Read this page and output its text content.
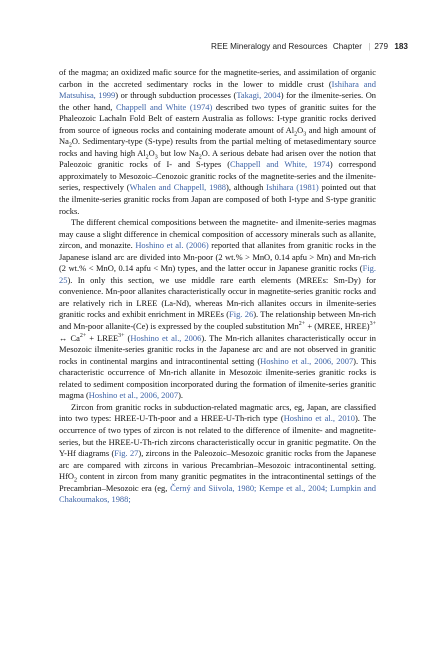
REE Mineralogy and Resources Chapter | 279 183

of the magma; an oxidized mafic source for the magnetite-series, and assimilation of organic carbon in the accreted sedimentary rocks in the lower to middle crust (Ishihara and Matsuhisa, 1999) or through subduction processes (Takagi, 2004) for the ilmenite-series. On the other hand, Chappell and White (1974) described two types of granitic suites for the Phaleozoic Lachaln Fold Belt of eastern Australia as follows: I-type granitic rocks derived from source of igneous rocks and containing moderate amount of $Al_2O_3$ and high amount of $Na_2O$. Sedimentary-type (S-type) results from the partial melting of metasedimentary source rocks and having high $Al_2O_3$ but low $Na_2O$. A serious debate had arisen over the notion that Paleozoic granitic rocks of I- and S-types (Chappell and White, 1974) correspond approximately to Mesozoic–Cenozoic granitic rocks of the magnetite-series and the ilmenite-series, respectively (Whalen and Chappell, 1988), although Ishihara (1981) pointed out that the ilmenite-series granitic rocks from Japan are composed of both I-type and S-type granitic rocks.

The different chemical compositions between the magnetite- and ilmenite-series magmas may cause a slight difference in chemical composition of accessory minerals such as allanite, zircon, and monazite. Hoshino et al. (2006) reported that allanites from granitic rocks in the Japanese island arc are divided into Mn-poor (2 wt.% > MnO, 0.14 apfu > Mn) and Mn-rich (2 wt.% < MnO, 0.14 apfu < Mn) types, and the latter occur in Japanese granitic rocks (Fig. 25). In only this section, we use middle rare earth elements (MREEs: Sm-Dy) for convenience. Mn-poor allanites characteristically occur in magnetite-series granitic rocks and are relatively rich in LREE (La-Nd), whereas Mn-rich allanites occurs in ilmenite-series granitic rocks and exhibit enrichment in MREEs (Fig. 26). The relationship between Mn-rich and Mn-poor allanite-(Ce) is expressed by the coupled substitution $Mn^{2+}$ + (MREE, HREE)$^{3+}$ ↔ $Ca^{2+}$ + $LREE^{3+}$ (Hoshino et al., 2006). The Mn-rich allanites characteristically occur in Mesozoic ilmenite-series granitic rocks in the Japanese arc and are not observed in granitic rocks in continental margins and intracontinental setting (Hoshino et al., 2006, 2007). This characteristic occurrence of Mn-rich allanite in Mesozoic ilmenite-series granitic rocks is related to sediment composition incorporated during the formation of ilmenite-series granitic magma (Hoshino et al., 2006, 2007).

Zircon from granitic rocks in subduction-related magmatic arcs, eg, Japan, are classified into two types: HREE-U-Th-poor and a HREE-U-Th-rich type (Hoshino et al., 2010). The occurrence of two types of zircon is not related to the difference of ilmenite- and magnetite-series, but the HREE-U-Th-rich zircons characteristically occur in granitic pegmatite. On the Y-Hf diagrams (Fig. 27), zircons in the Paleozoic–Mesozoic granitic rocks from the Japanese arc are compared with zircons in various Precambrian–Mesozoic intracontinental setting. HfO$_2$ content in zircon from many granitic pegmatites in the intracontinental settings of the Precambrian–Mesozoic era (eg, Černý and Siivola, 1980; Kempe et al., 2004; Lumpkin and Chakoumakos, 1988;
